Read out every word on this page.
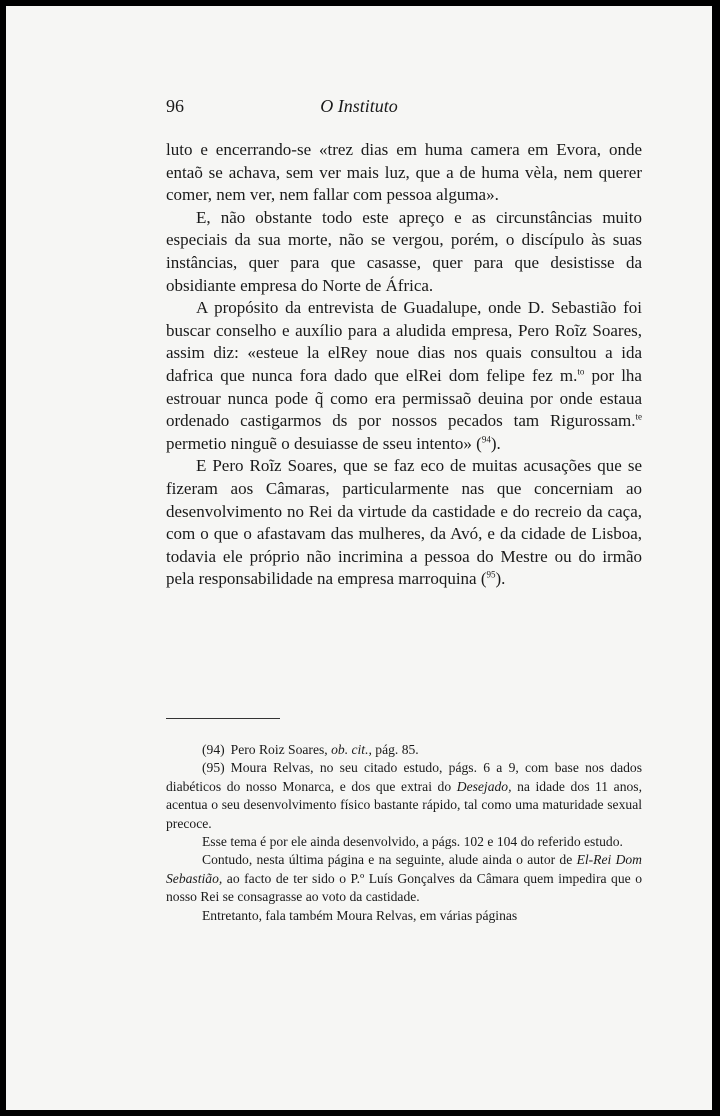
96	O Instituto

luto e encerrando-se «trez dias em huma camera em Evora, onde entaõ se achava, sem ver mais luz, que a de huma vèla, nem querer comer, nem ver, nem fallar com pessoa alguma».

E, não obstante todo este apreço e as circunstâncias muito especiais da sua morte, não se vergou, porém, o discípulo às suas instâncias, quer para que casasse, quer para que desistisse da obsidiante empresa do Norte de África.

A propósito da entrevista de Guadalupe, onde D. Sebastião foi buscar conselho e auxílio para a aludida empresa, Pero Roĩz Soares, assim diz: «esteue la elRey noue dias nos quais consultou a ida dafrica que nunca fora dado que elRei dom felipe fez m.$^{to}$ por lha estrouar nunca pode q̃ como era permissaõ deuina por onde estaua ordenado castigarmos ds por nossos pecados tam Rigurossam.$^{te}$ permetio ninguẽ o desuiasse de sseu intento» ($^{94}$).

E Pero Roĩz Soares, que se faz eco de muitas acusações que se fizeram aos Câmaras, particularmente nas que concerniam ao desenvolvimento no Rei da virtude da castidade e do recreio da caça, com o que o afastavam das mulheres, da Avó, e da cidade de Lisboa, todavia ele próprio não incrimina a pessoa do Mestre ou do irmão pela responsabilidade na empresa marroquina ($^{95}$).

(94) Pero Roiz Soares, ob. cit., pág. 85.

(95) Moura Relvas, no seu citado estudo, págs. 6 a 9, com base nos dados diabéticos do nosso Monarca, e dos que extrai do Desejado, na idade dos 11 anos, acentua o seu desenvolvimento físico bastante rápido, tal como uma maturidade sexual precoce.

Esse tema é por ele ainda desenvolvido, a págs. 102 e 104 do referido estudo.

Contudo, nesta última página e na seguinte, alude ainda o autor de El-Rei Dom Sebastião, ao facto de ter sido o P.º Luís Gonçalves da Câmara quem impedira que o nosso Rei se consagrasse ao voto da castidade.

Entretanto, fala também Moura Relvas, em várias páginas
